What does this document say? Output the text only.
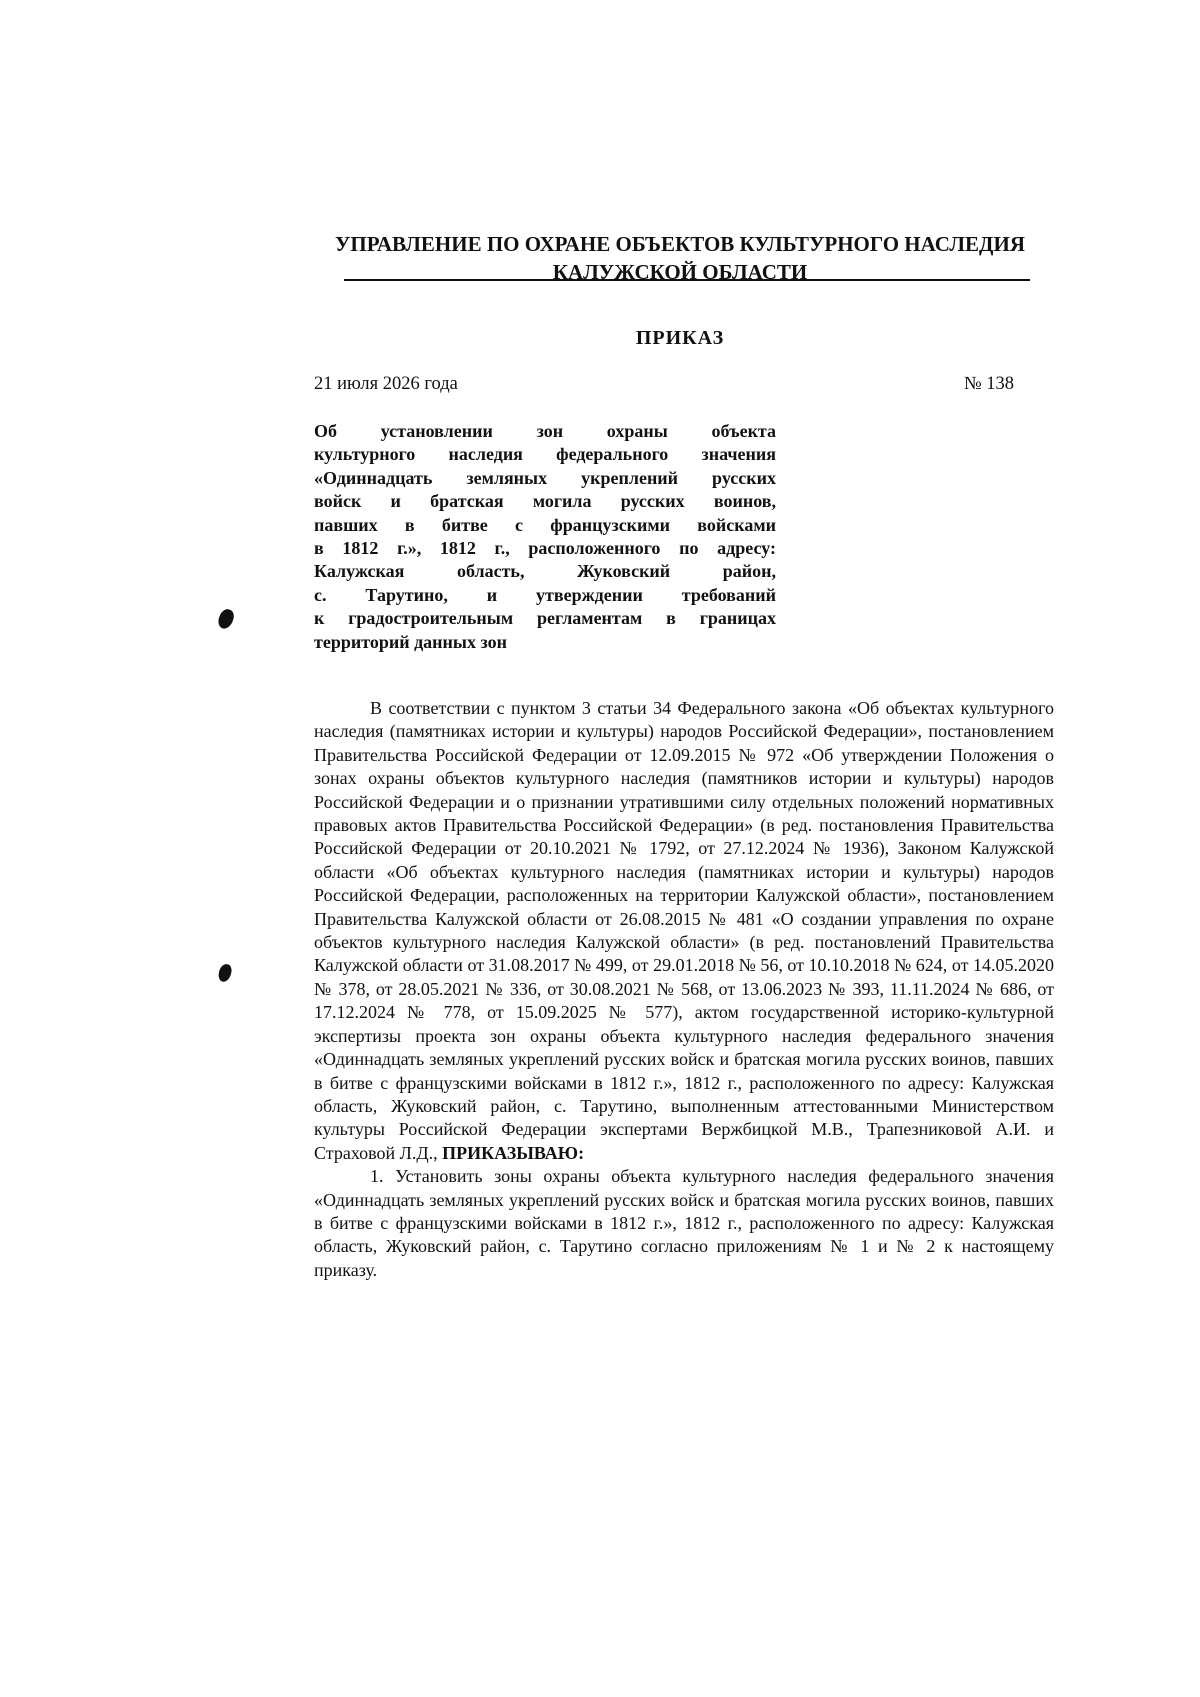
УПРАВЛЕНИЕ ПО ОХРАНЕ ОБЪЕКТОВ КУЛЬТУРНОГО НАСЛЕДИЯ

КАЛУЖСКОЙ ОБЛАСТИ
ПРИКАЗ
21 июля 2026 года	№ 138
Об установлении зон охраны объекта
культурного наследия федерального значения
«Одиннадцать земляных укреплений русских
войск и братская могила русских воинов,
павших в битве с французскими войсками
в 1812 г.», 1812 г., расположенного по адресу:
Калужская область, Жуковский район,
с. Тарутино, и утверждении требований
к градостроительным регламентам в границах
территорий данных зон

В соответствии с пунктом 3 статьи 34 Федерального закона «Об объектах культурного наследия (памятниках истории и культуры) народов Российской Федерации», постановлением Правительства Российской Федерации от 12.09.2015 № 972 «Об утверждении Положения о зонах охраны объектов культурного наследия (памятников истории и культуры) народов Российской Федерации и о признании утратившими силу отдельных положений нормативных правовых актов Правительства Российской Федерации» (в ред. постановления Правительства Российской Федерации от 20.10.2021 № 1792, от 27.12.2024 № 1936), Законом Калужской области «Об объектах культурного наследия (памятниках истории и культуры) народов Российской Федерации, расположенных на территории Калужской области», постановлением Правительства Калужской области от 26.08.2015 № 481 «О создании управления по охране объектов культурного наследия Калужской области» (в ред. постановлений Правительства Калужской области от 31.08.2017 № 499, от 29.01.2018 № 56, от 10.10.2018 № 624, от 14.05.2020 № 378, от 28.05.2021 № 336, от 30.08.2021 № 568, от 13.06.2023 № 393, 11.11.2024 № 686, от 17.12.2024 № 778, от 15.09.2025 № 577), актом государственной историко-культурной экспертизы проекта зон охраны объекта культурного наследия федерального значения «Одиннадцать земляных укреплений русских войск и братская могила русских воинов, павших в битве с французскими войсками в 1812 г.», 1812 г., расположенного по адресу: Калужская область, Жуковский район, с. Тарутино, выполненным аттестованными Министерством культуры Российской Федерации экспертами Вержбицкой М.В., Трапезниковой А.И. и Страховой Л.Д., ПРИКАЗЫВАЮ:

1. Установить зоны охраны объекта культурного наследия федерального значения «Одиннадцать земляных укреплений русских войск и братская могила русских воинов, павших в битве с французскими войсками в 1812 г.», 1812 г., расположенного по адресу: Калужская область, Жуковский район, с. Тарутино согласно приложениям № 1 и № 2 к настоящему приказу.
